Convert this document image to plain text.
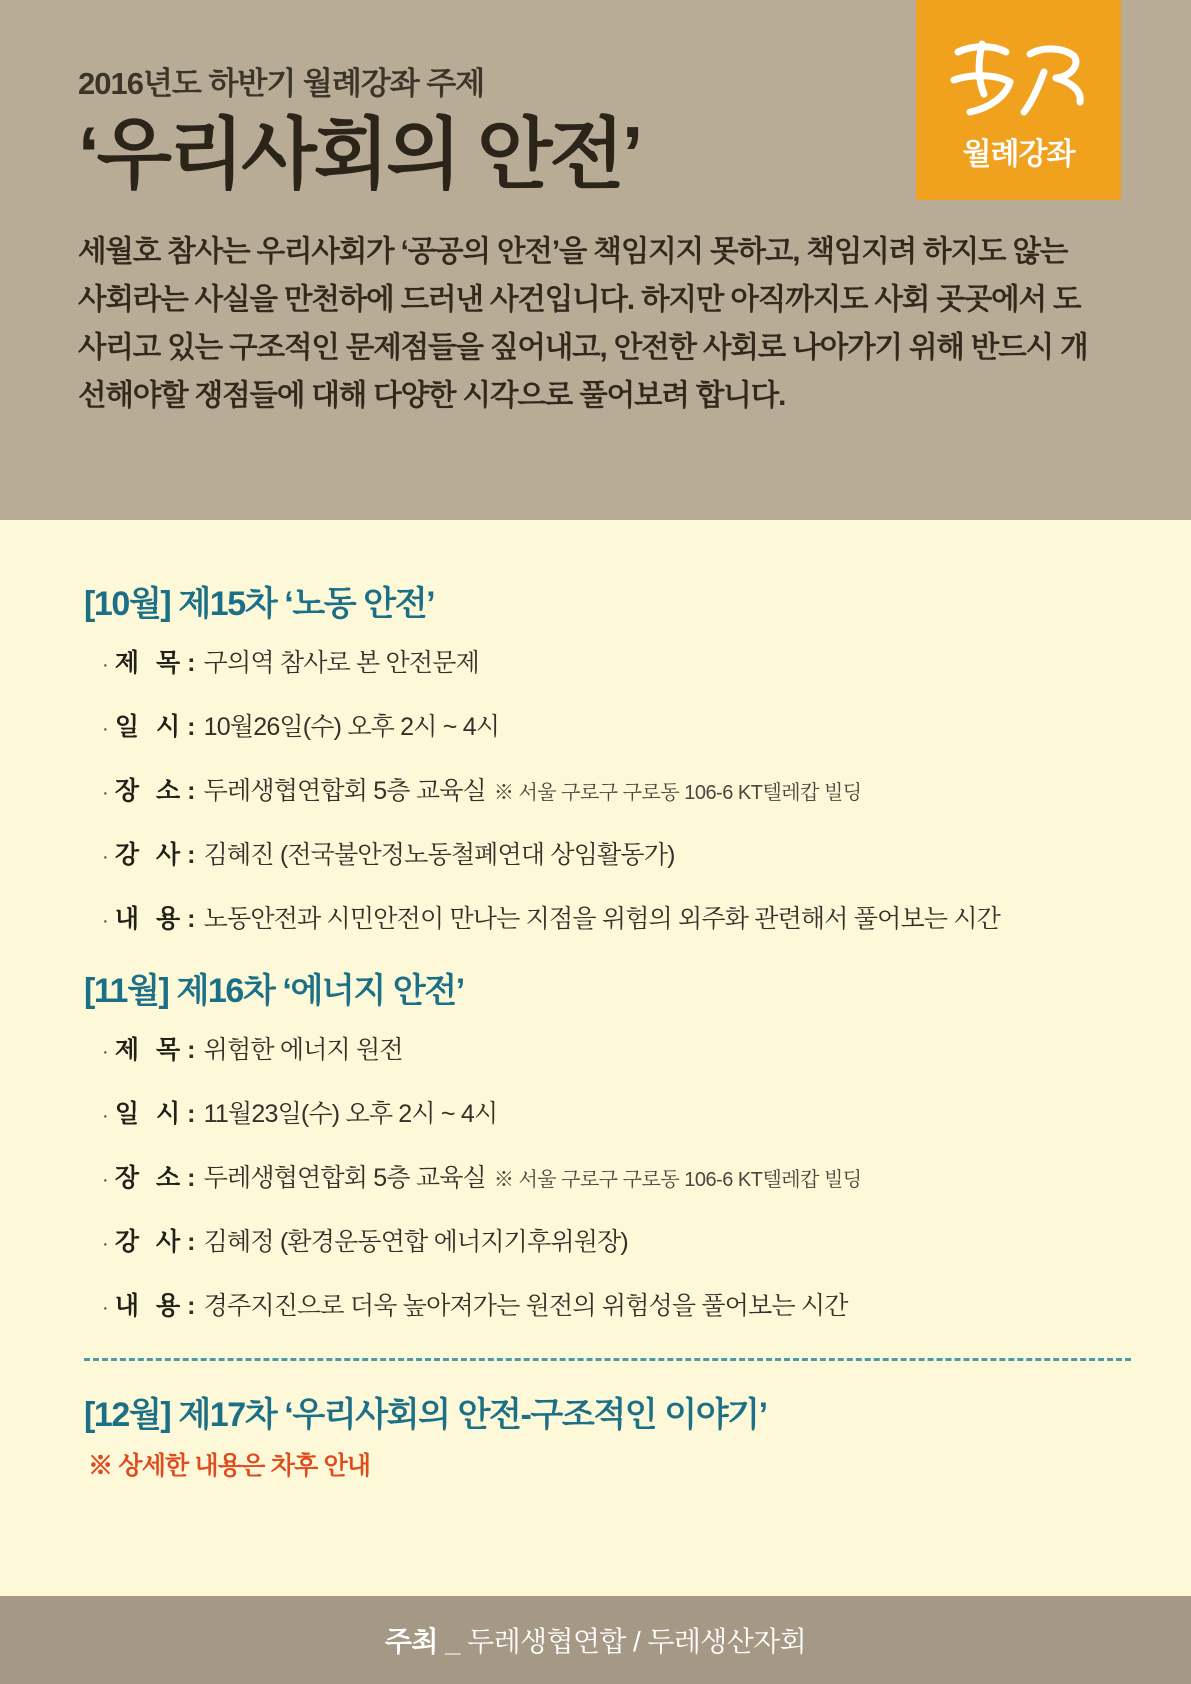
2016년도 하반기 월례강좌 주제
‘우리사회의 안전’
세월호 참사는 우리사회가 ‘공공의 안전’을 책임지지 못하고, 책임지려 하지도 않는 사회라는 사실을 만천하에 드러낸 사건입니다. 하지만 아직까지도 사회 곳곳에서 도사리고 있는 구조적인 문제점들을 짚어내고, 안전한 사회로 나아가기 위해 반드시 개선해야할 쟁점들에 대해 다양한 시각으로 풀어보려 합니다.
월례강좌
[10월] 제15차 ‘노동 안전’
· 제 목 : 구의역 참사로 본 안전문제
· 일 시 : 10월26일(수) 오후 2시 ~ 4시
· 장 소 : 두레생협연합회 5층 교육실 ※ 서울 구로구 구로동 106-6 KT텔레캅 빌딩
· 강 사 : 김혜진 (전국불안정노동철폐연대 상임활동가)
· 내 용 : 노동안전과 시민안전이 만나는 지점을 위험의 외주화 관련해서 풀어보는 시간
[11월] 제16차 ‘에너지 안전’
· 제 목 : 위험한 에너지 원전
· 일 시 : 11월23일(수) 오후 2시 ~ 4시
· 장 소 : 두레생협연합회 5층 교육실 ※ 서울 구로구 구로동 106-6 KT텔레캅 빌딩
· 강 사 : 김혜정 (환경운동연합 에너지기후위원장)
· 내 용 : 경주지진으로 더욱 높아져가는 원전의 위험성을 풀어보는 시간
[12월] 제17차 ‘우리사회의 안전-구조적인 이야기’
※ 상세한 내용은 차후 안내
주최 _ 두레생협연합 / 두레생산자회
